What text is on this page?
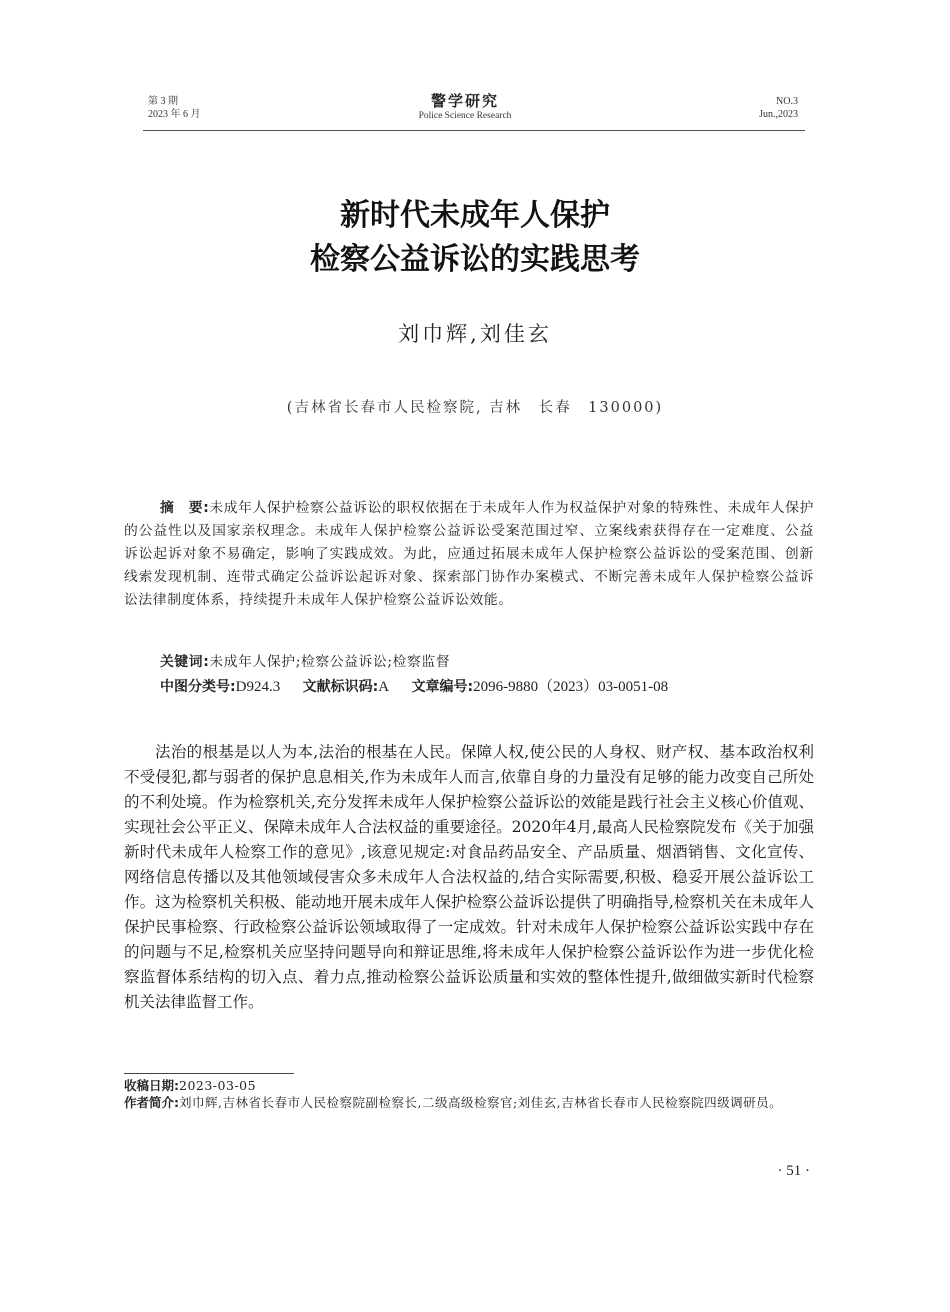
第 3 期
2023 年 6 月
警学研究
Police Science Research
NO.3
Jun.,2023
新时代未成年人保护
检察公益诉讼的实践思考
刘巾辉,刘佳玄
(吉林省长春市人民检察院, 吉林　长春　130000)
摘　要:未成年人保护检察公益诉讼的职权依据在于未成年人作为权益保护对象的特殊性、未成年人保护的公益性以及国家亲权理念。未成年人保护检察公益诉讼受案范围过窄、立案线索获得存在一定难度、公益诉讼起诉对象不易确定，影响了实践成效。为此，应通过拓展未成年人保护检察公益诉讼的受案范围、创新线索发现机制、连带式确定公益诉讼起诉对象、探索部门协作办案模式、不断完善未成年人保护检察公益诉讼法律制度体系，持续提升未成年人保护检察公益诉讼效能。
关键词:未成年人保护;检察公益诉讼;检察监督
中图分类号:D924.3 文献标识码:A 文章编号:2096-9880（2023）03-0051-08

法治的根基是以人为本,法治的根基在人民。保障人权,使公民的人身权、财产权、基本政治权利不受侵犯,都与弱者的保护息息相关,作为未成年人而言,依靠自身的力量没有足够的能力改变自己所处的不利处境。作为检察机关,充分发挥未成年人保护检察公益诉讼的效能是践行社会主义核心价值观、实现社会公平正义、保障未成年人合法权益的重要途径。2020年4月,最高人民检察院发布《关于加强新时代未成年人检察工作的意见》,该意见规定:对食品药品安全、产品质量、烟酒销售、文化宣传、网络信息传播以及其他领域侵害众多未成年人合法权益的,结合实际需要,积极、稳妥开展公益诉讼工作。这为检察机关积极、能动地开展未成年人保护检察公益诉讼提供了明确指导,检察机关在未成年人保护民事检察、行政检察公益诉讼领域取得了一定成效。针对未成年人保护检察公益诉讼实践中存在的问题与不足,检察机关应坚持问题导向和辩证思维,将未成年人保护检察公益诉讼作为进一步优化检察监督体系结构的切入点、着力点,推动检察公益诉讼质量和实效的整体性提升,做细做实新时代检察机关法律监督工作。

收稿日期: 2023-03-05
作者简介: 刘巾辉,吉林省长春市人民检察院副检察长,二级高级检察官;刘佳玄,吉林省长春市人民检察院四级调研员。
· 51 ·
